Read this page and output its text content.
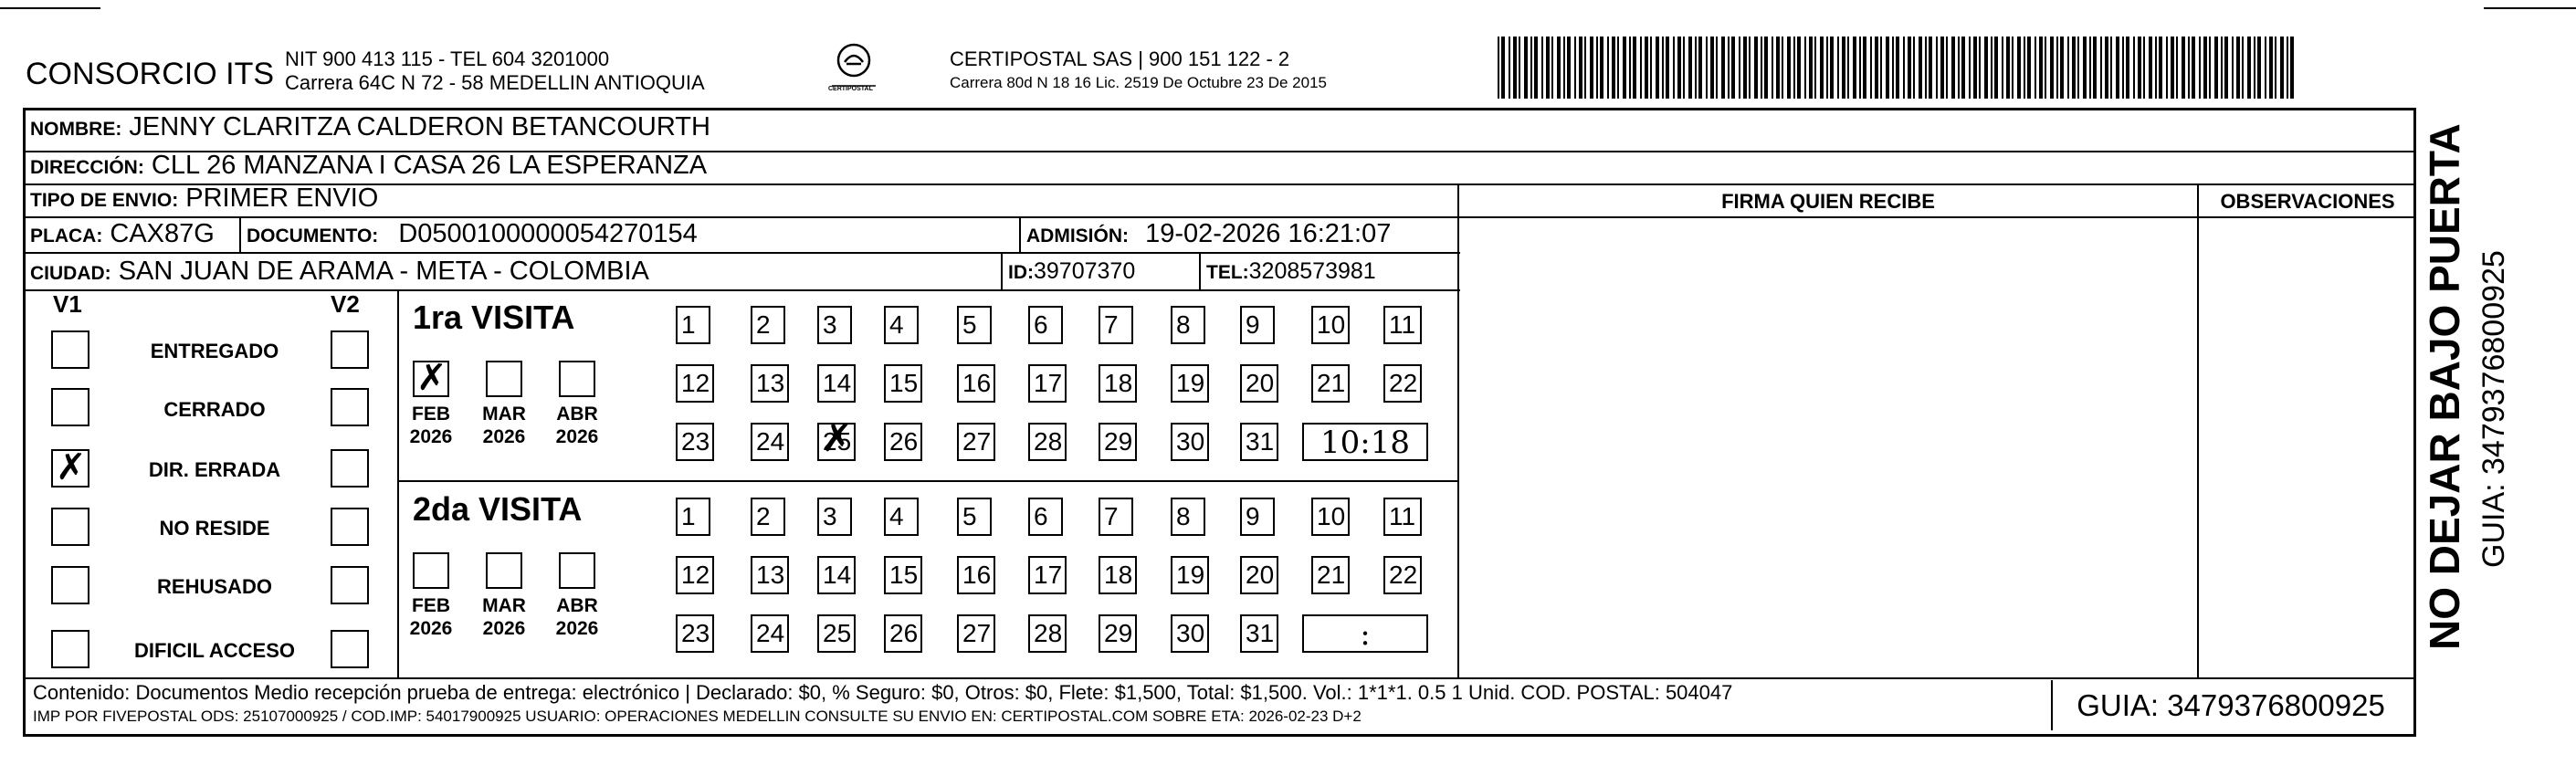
CONSORCIO ITS NIT 900 413 115 - TEL 604 3201000
Carrera 64C N 72 - 58 MEDELLIN ANTIOQUIA	CERTIPOSTAL
CERTIPOSTAL SAS | 900 151 122 - 2
Carrera 80d N 18 16 Lic. 2519 De Octubre 23 De 2015
NOMBRE: JENNY CLARITZA CALDERON BETANCOURTH
DIRECCIÓN: CLL 26 MANZANA I CASA 26 LA ESPERANZA
TIPO DE ENVIO: PRIMER ENVIO
PLACA: CAX87G DOCUMENTO: D0500100000054270154	ADMISIÓN: 19-02-2026 16:21:07
CIUDAD: SAN JUAN DE ARAMA - META - COLOMBIA	ID:39707370	TEL:3208573981
FIRMA QUIEN RECIBE	OBSERVACIONES
V1	V2
ENTREGADO
CERRADO
✗	DIR. ERRADA
NO RESIDE
REHUSADO
DIFICIL ACCESO
1ra VISITA
✗
FEB
2026
MAR
2026
ABR
2026
1	2	3	4	5	6	7	8	9	10 11
12 13 14 15 16 17 18 19 20 21 22
23 24 25 ✗ 26 27 28 29 30 31	10:18
2da VISITA
FEB
2026
MAR
2026
ABR
2026
1	2	3	4	5	6	7	8	9	10 11
12 13 14 15 16 17 18 19 20 21 22
23 24 25 26 27 28 29 30 31	:
Contenido: Documentos Medio recepción prueba de entrega: electrónico | Declarado: $0, % Seguro: $0, Otros: $0, Flete: $1,500, Total: $1,500. Vol.: 1*1*1. 0.5 1 Unid. COD. POSTAL: 504047
IMP POR FIVEPOSTAL ODS: 25107000925 / COD.IMP: 54017900925 USUARIO: OPERACIONES MEDELLIN CONSULTE SU ENVIO EN: CERTIPOSTAL.COM SOBRE ETA: 2026-02-23 D+2	GUIA: 3479376800925
NO DEJAR BAJO PUERTA GUIA: 3479376800925
